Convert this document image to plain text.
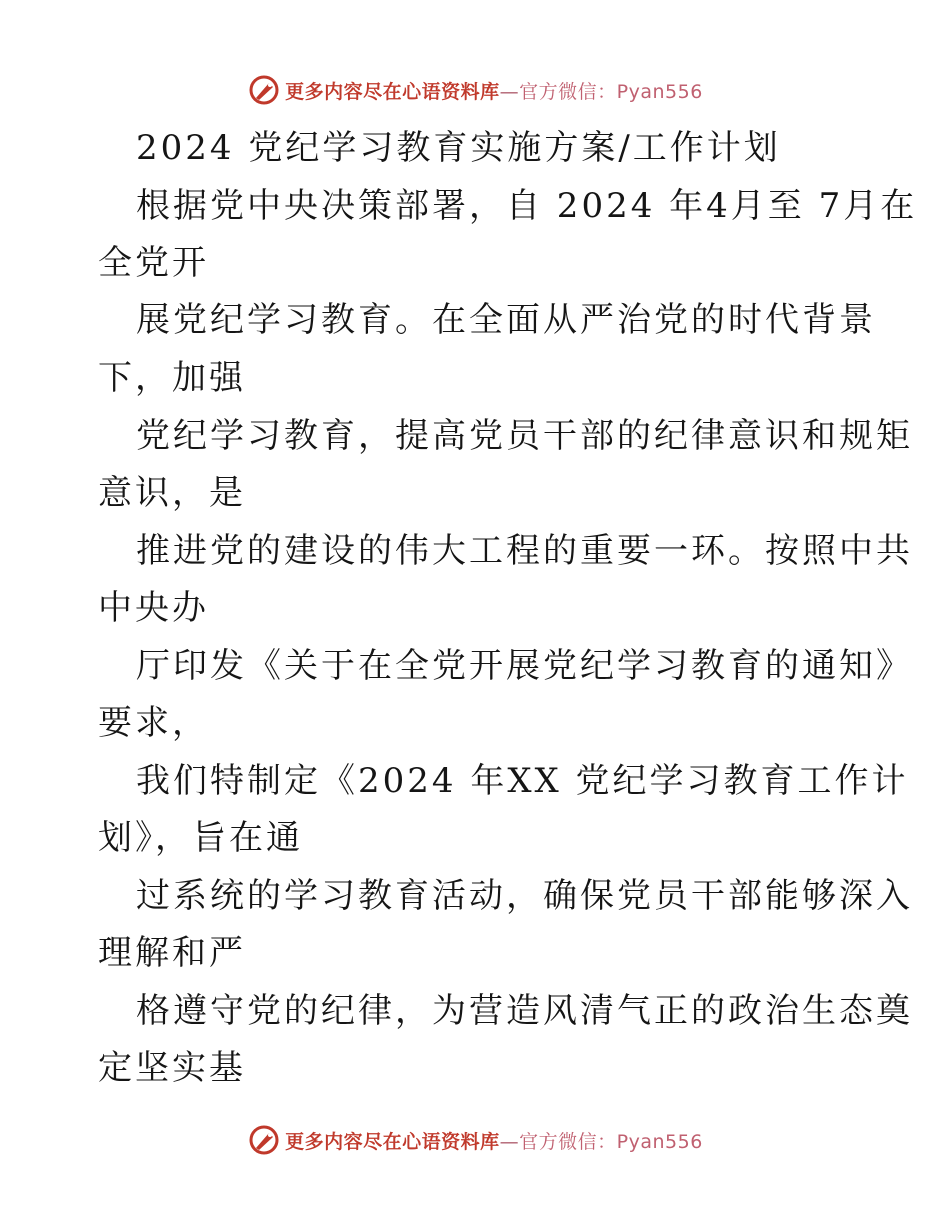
更多内容尽在心语资料库—官方微信：Pyan556
2024 党纪学习教育实施方案/工作计划
根据党中央决策部署，自 2024 年4月至 7月在
全党开
展党纪学习教育。在全面从严治党的时代背景
下，加强
党纪学习教育，提高党员干部的纪律意识和规矩
意识，是
推进党的建设的伟大工程的重要一环。按照中共
中央办
厅印发《关于在全党开展党纪学习教育的通知》
要求，
我们特制定《2024 年XX 党纪学习教育工作计
划》，旨在通
过系统的学习教育活动，确保党员干部能够深入
理解和严
格遵守党的纪律，为营造风清气正的政治生态奠
定坚实基
更多内容尽在心语资料库—官方微信：Pyan556
